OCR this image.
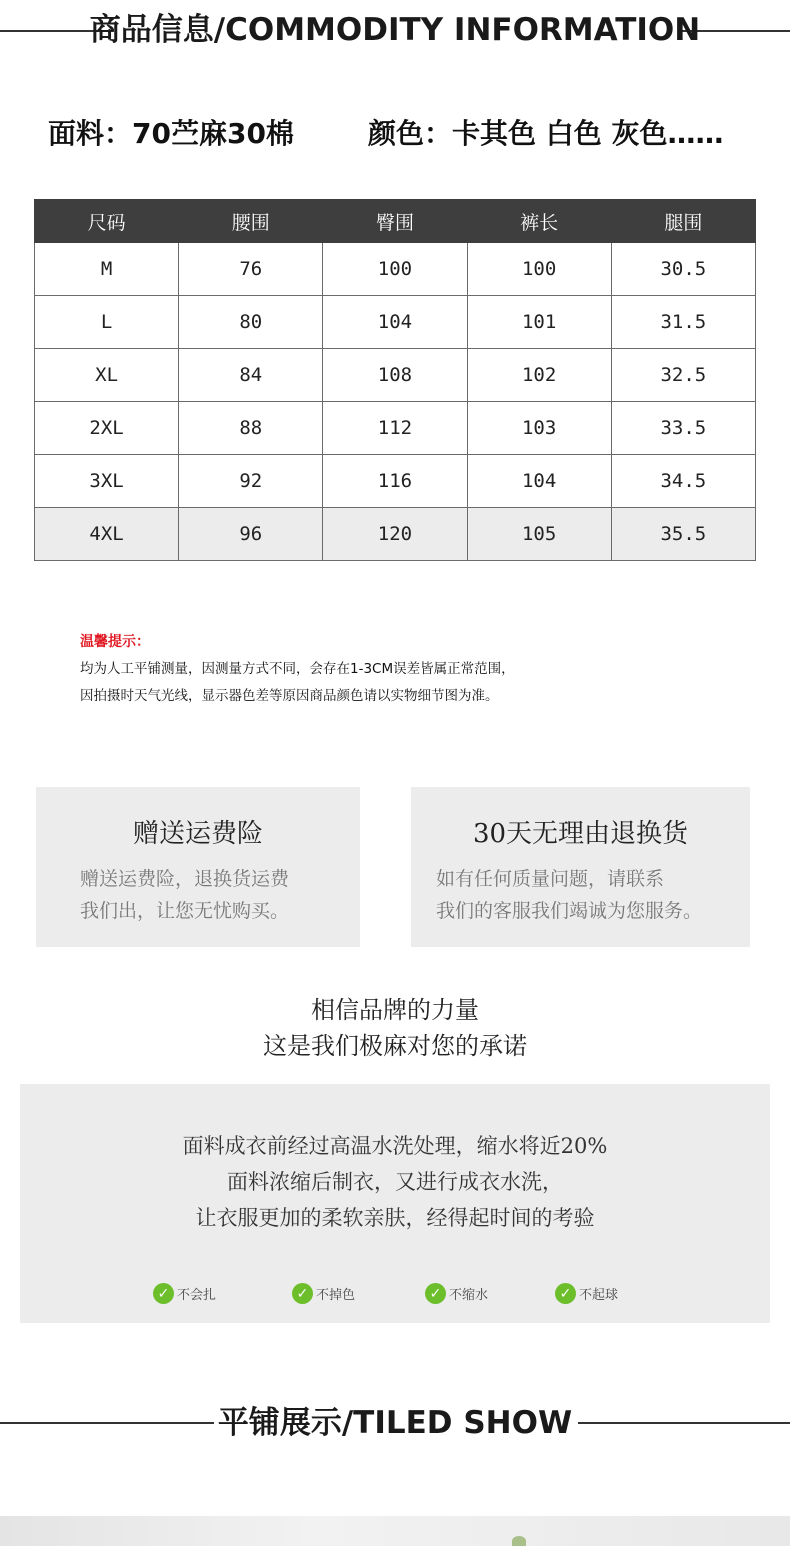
商品信息/COMMODITY INFORMATION
面料：70苎麻30棉	颜色：卡其色 白色 灰色……
尺码	腰围	臀围	裤长	腿围
M	76	100	100	30.5
L	80	104	101	31.5
XL	84	108	102	32.5
2XL	88	112	103	33.5
3XL	92	116	104	34.5
4XL	96	120	105	35.5
温馨提示：
均为人工平铺测量，因测量方式不同，会存在1-3CM误差皆属正常范围，
因拍摄时天气光线，显示器色差等原因商品颜色请以实物细节图为准。
赠送运费险
赠送运费险，退换货运费
我们出，让您无忧购买。
30天无理由退换货
如有任何质量问题，请联系
我们的客服我们竭诚为您服务。
相信品牌的力量
这是我们极麻对您的承诺
面料成衣前经过高温水洗处理，缩水将近20%
面料浓缩后制衣，又进行成衣水洗，
让衣服更加的柔软亲肤，经得起时间的考验
✓ 不会扎	✓ 不掉色	✓ 不缩水	✓ 不起球
平铺展示/TILED SHOW
